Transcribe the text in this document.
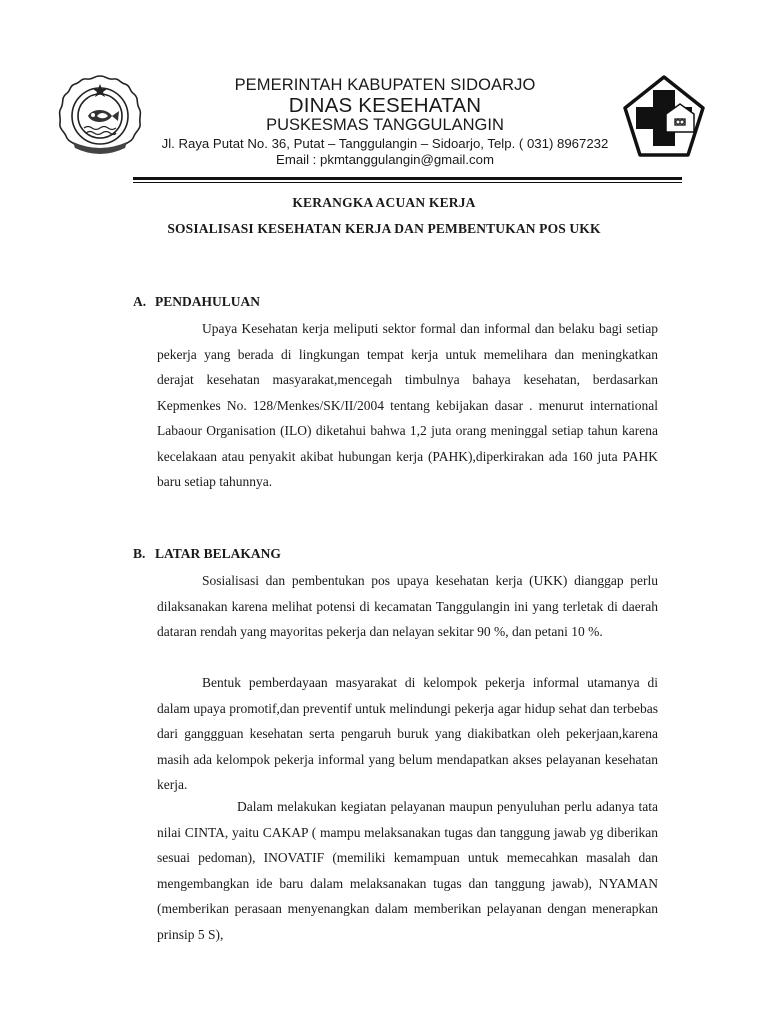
PEMERINTAH KABUPATEN SIDOARJO
DINAS KESEHATAN
PUSKESMAS TANGGULANGIN
Jl. Raya Putat No. 36, Putat – Tanggulangin – Sidoarjo, Telp. ( 031) 8967232
Email : pkmtanggulangin@gmail.com
KERANGKA ACUAN KERJA
SOSIALISASI KESEHATAN KERJA DAN PEMBENTUKAN POS UKK
A. PENDAHULUAN

Upaya Kesehatan kerja meliputi sektor formal dan informal dan belaku bagi setiap pekerja yang berada di lingkungan tempat kerja untuk memelihara dan meningkatkan derajat kesehatan masyarakat,mencegah timbulnya bahaya kesehatan, berdasarkan Kepmenkes No. 128/Menkes/SK/II/2004 tentang kebijakan dasar . menurut international Labaour Organisation (ILO) diketahui bahwa 1,2 juta orang meninggal setiap tahun karena kecelakaan atau penyakit akibat hubungan kerja (PAHK),diperkirakan ada 160 juta PAHK baru setiap tahunnya.

B. LATAR BELAKANG

Sosialisasi dan pembentukan pos upaya kesehatan kerja (UKK) dianggap perlu dilaksanakan karena melihat potensi di kecamatan Tanggulangin ini yang terletak di daerah dataran rendah yang mayoritas pekerja dan nelayan sekitar 90 %, dan petani 10 %.

Bentuk pemberdayaan masyarakat di kelompok pekerja informal utamanya di dalam upaya promotif,dan preventif untuk melindungi pekerja agar hidup sehat dan terbebas dari ganggguan kesehatan serta pengaruh buruk yang diakibatkan oleh pekerjaan,karena masih ada kelompok pekerja informal yang belum mendapatkan akses pelayanan kesehatan kerja.

Dalam melakukan kegiatan pelayanan maupun penyuluhan perlu adanya tata nilai CINTA, yaitu CAKAP ( mampu melaksanakan tugas dan tanggung jawab yg diberikan sesuai pedoman), INOVATIF (memiliki kemampuan untuk memecahkan masalah dan mengembangkan ide baru dalam melaksanakan tugas dan tanggung jawab), NYAMAN (memberikan perasaan menyenangkan dalam memberikan pelayanan dengan menerapkan prinsip 5 S),
